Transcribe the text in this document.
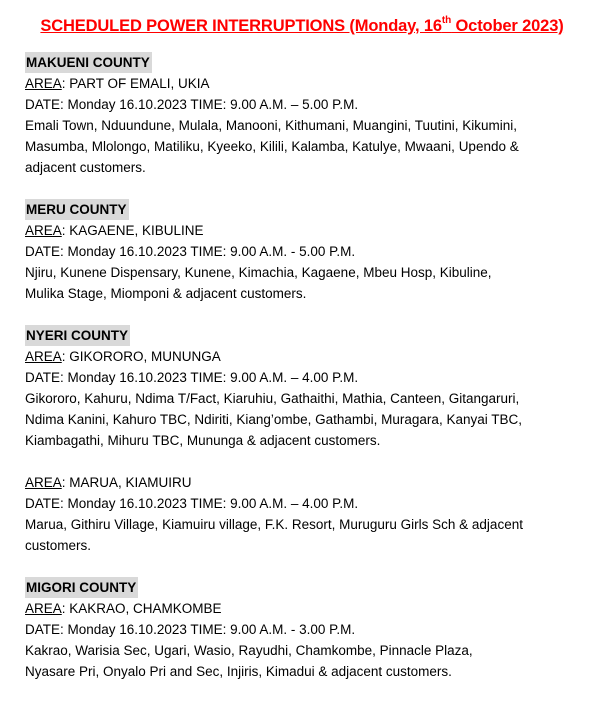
SCHEDULED POWER INTERRUPTIONS (Monday, 16th October 2023)
MAKUENI COUNTY
AREA: PART OF EMALI, UKIA
DATE: Monday 16.10.2023 TIME: 9.00 A.M. – 5.00 P.M.
Emali Town, Nduundune, Mulala, Manooni, Kithumani, Muangini, Tuutini, Kikumini,
Masumba, Mlolongo, Matiliku, Kyeeko, Kilili, Kalamba, Katulye, Mwaani, Upendo &
adjacent customers.
MERU COUNTY
AREA: KAGAENE, KIBULINE
DATE: Monday 16.10.2023 TIME: 9.00 A.M. - 5.00 P.M.
Njiru, Kunene Dispensary, Kunene, Kimachia, Kagaene, Mbeu Hosp, Kibuline,
Mulika Stage, Miomponi & adjacent customers.
NYERI COUNTY
AREA: GIKORORO, MUNUNGA
DATE: Monday 16.10.2023 TIME: 9.00 A.M. – 4.00 P.M.
Gikororo, Kahuru, Ndima T/Fact, Kiaruhiu, Gathaithi, Mathia, Canteen, Gitangaruri,
Ndima Kanini, Kahuro TBC, Ndiriti, Kiang’ombe, Gathambi, Muragara, Kanyai TBC,
Kiambagathi, Mihuru TBC, Mununga & adjacent customers.
AREA: MARUA, KIAMUIRU
DATE: Monday 16.10.2023 TIME: 9.00 A.M. – 4.00 P.M.
Marua, Githiru Village, Kiamuiru village, F.K. Resort, Muruguru Girls Sch & adjacent
customers.
MIGORI COUNTY
AREA: KAKRAO, CHAMKOMBE
DATE: Monday 16.10.2023 TIME: 9.00 A.M. - 3.00 P.M.
Kakrao, Warisia Sec, Ugari, Wasio, Rayudhi, Chamkombe, Pinnacle Plaza,
Nyasare Pri, Onyalo Pri and Sec, Injiris, Kimadui & adjacent customers.
